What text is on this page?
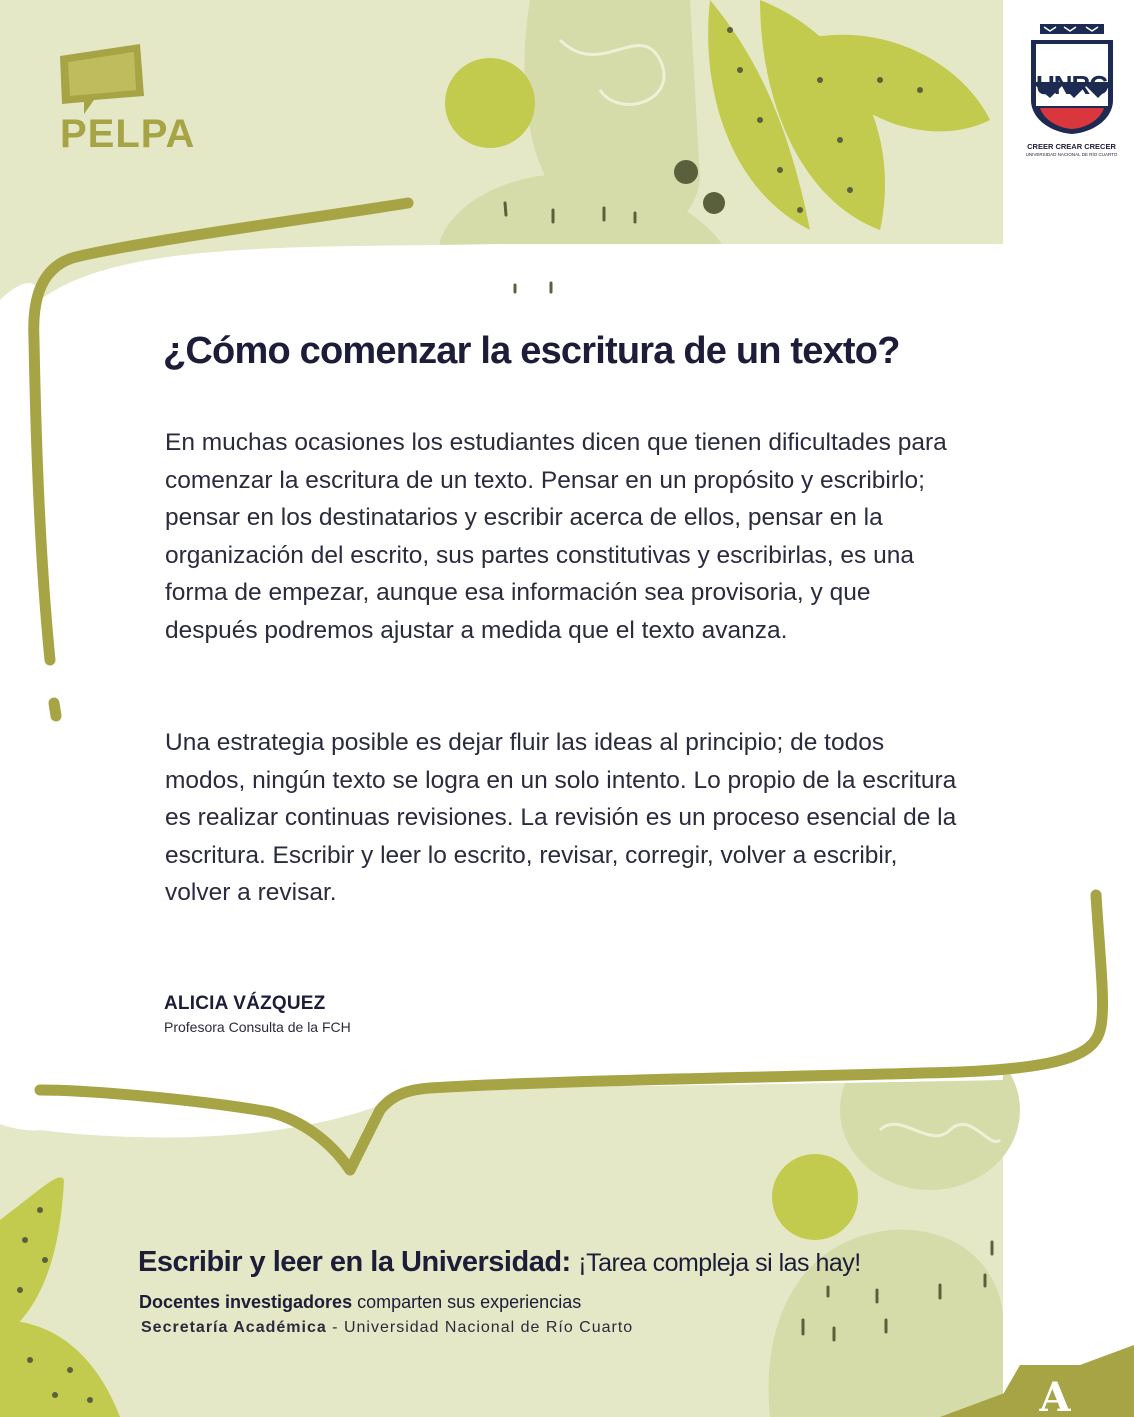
PELPA
UNRC
CREER CREAR CRECER
UNIVERSIDAD NACIONAL DE RÍO CUARTO
¿Cómo comenzar la escritura de un texto?

En muchas ocasiones los estudiantes dicen que tienen dificultades para comenzar la escritura de un texto. Pensar en un propósito y escribirlo; pensar en los destinatarios y escribir acerca de ellos, pensar en la organización del escrito, sus partes constitutivas y escribirlas, es una forma de empezar, aunque esa información sea provisoria, y que después podremos ajustar a medida que el texto avanza.

Una estrategia posible es dejar fluir las ideas al principio; de todos modos, ningún texto se logra en un solo intento. Lo propio de la escritura es realizar continuas revisiones. La revisión es un proceso esencial de la escritura. Escribir y leer lo escrito, revisar, corregir, volver a escribir, volver a revisar.

ALICIA VÁZQUEZ
Profesora Consulta de la FCH
Escribir y leer en la Universidad: ¡Tarea compleja si las hay!
Docentes investigadores comparten sus experiencias
Secretaría Académica - Universidad Nacional de Río Cuarto
A
